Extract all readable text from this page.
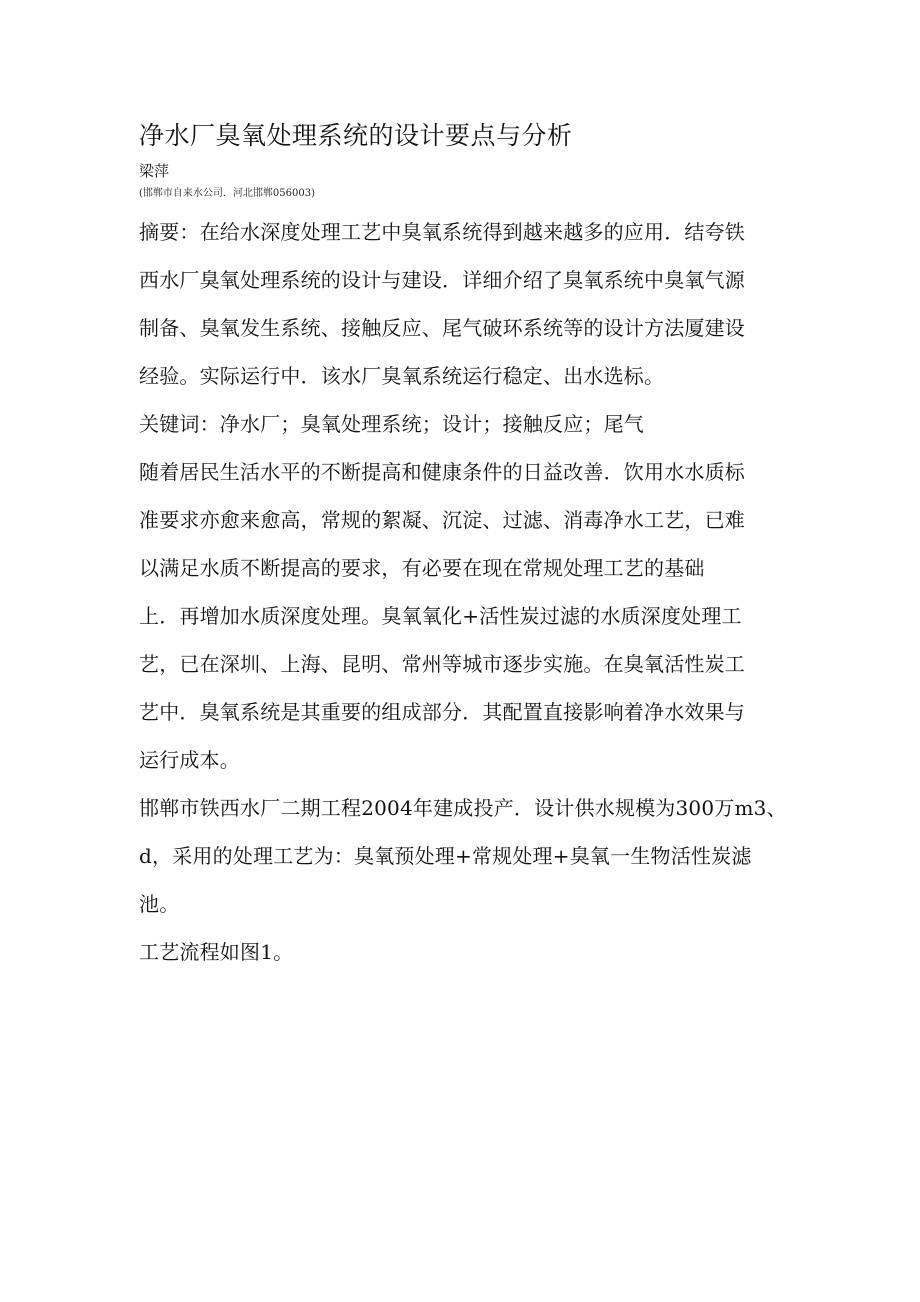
净水厂臭氧处理系统的设计要点与分析
梁萍
(邯郸市自来水公司．河北邯郸056003)
摘要：在给水深度处理工艺中臭氧系统得到越来越多的应用．结夸铁
西水厂臭氧处理系统的设计与建设．详细介绍了臭氧系统中臭氧气源
制备、臭氧发生系统、接触反应、尾气破环系统等的设计方法厦建设
经验。实际运行中．该水厂臭氧系统运行稳定、出水选标。
关键词：净水厂；臭氧处理系统；设计；接触反应；尾气
随着居民生活水平的不断提高和健康条件的日益改善．饮用水水质标
准要求亦愈来愈高，常规的絮凝、沉淀、过滤、消毒净水工艺，已难
以满足水质不断提高的要求，有必要在现在常规处理工艺的基础
上．再增加水质深度处理。臭氧氧化+活性炭过滤的水质深度处理工
艺，已在深圳、上海、昆明、常州等城市逐步实施。在臭氧活性炭工
艺中．臭氧系统是其重要的组成部分．其配置直接影响着净水效果与
运行成本。
邯郸市铁西水厂二期工程2004年建成投产．设计供水规模为300万m3、
d，采用的处理工艺为：臭氧预处理+常规处理+臭氧一生物活性炭滤
池。
工艺流程如图1。
